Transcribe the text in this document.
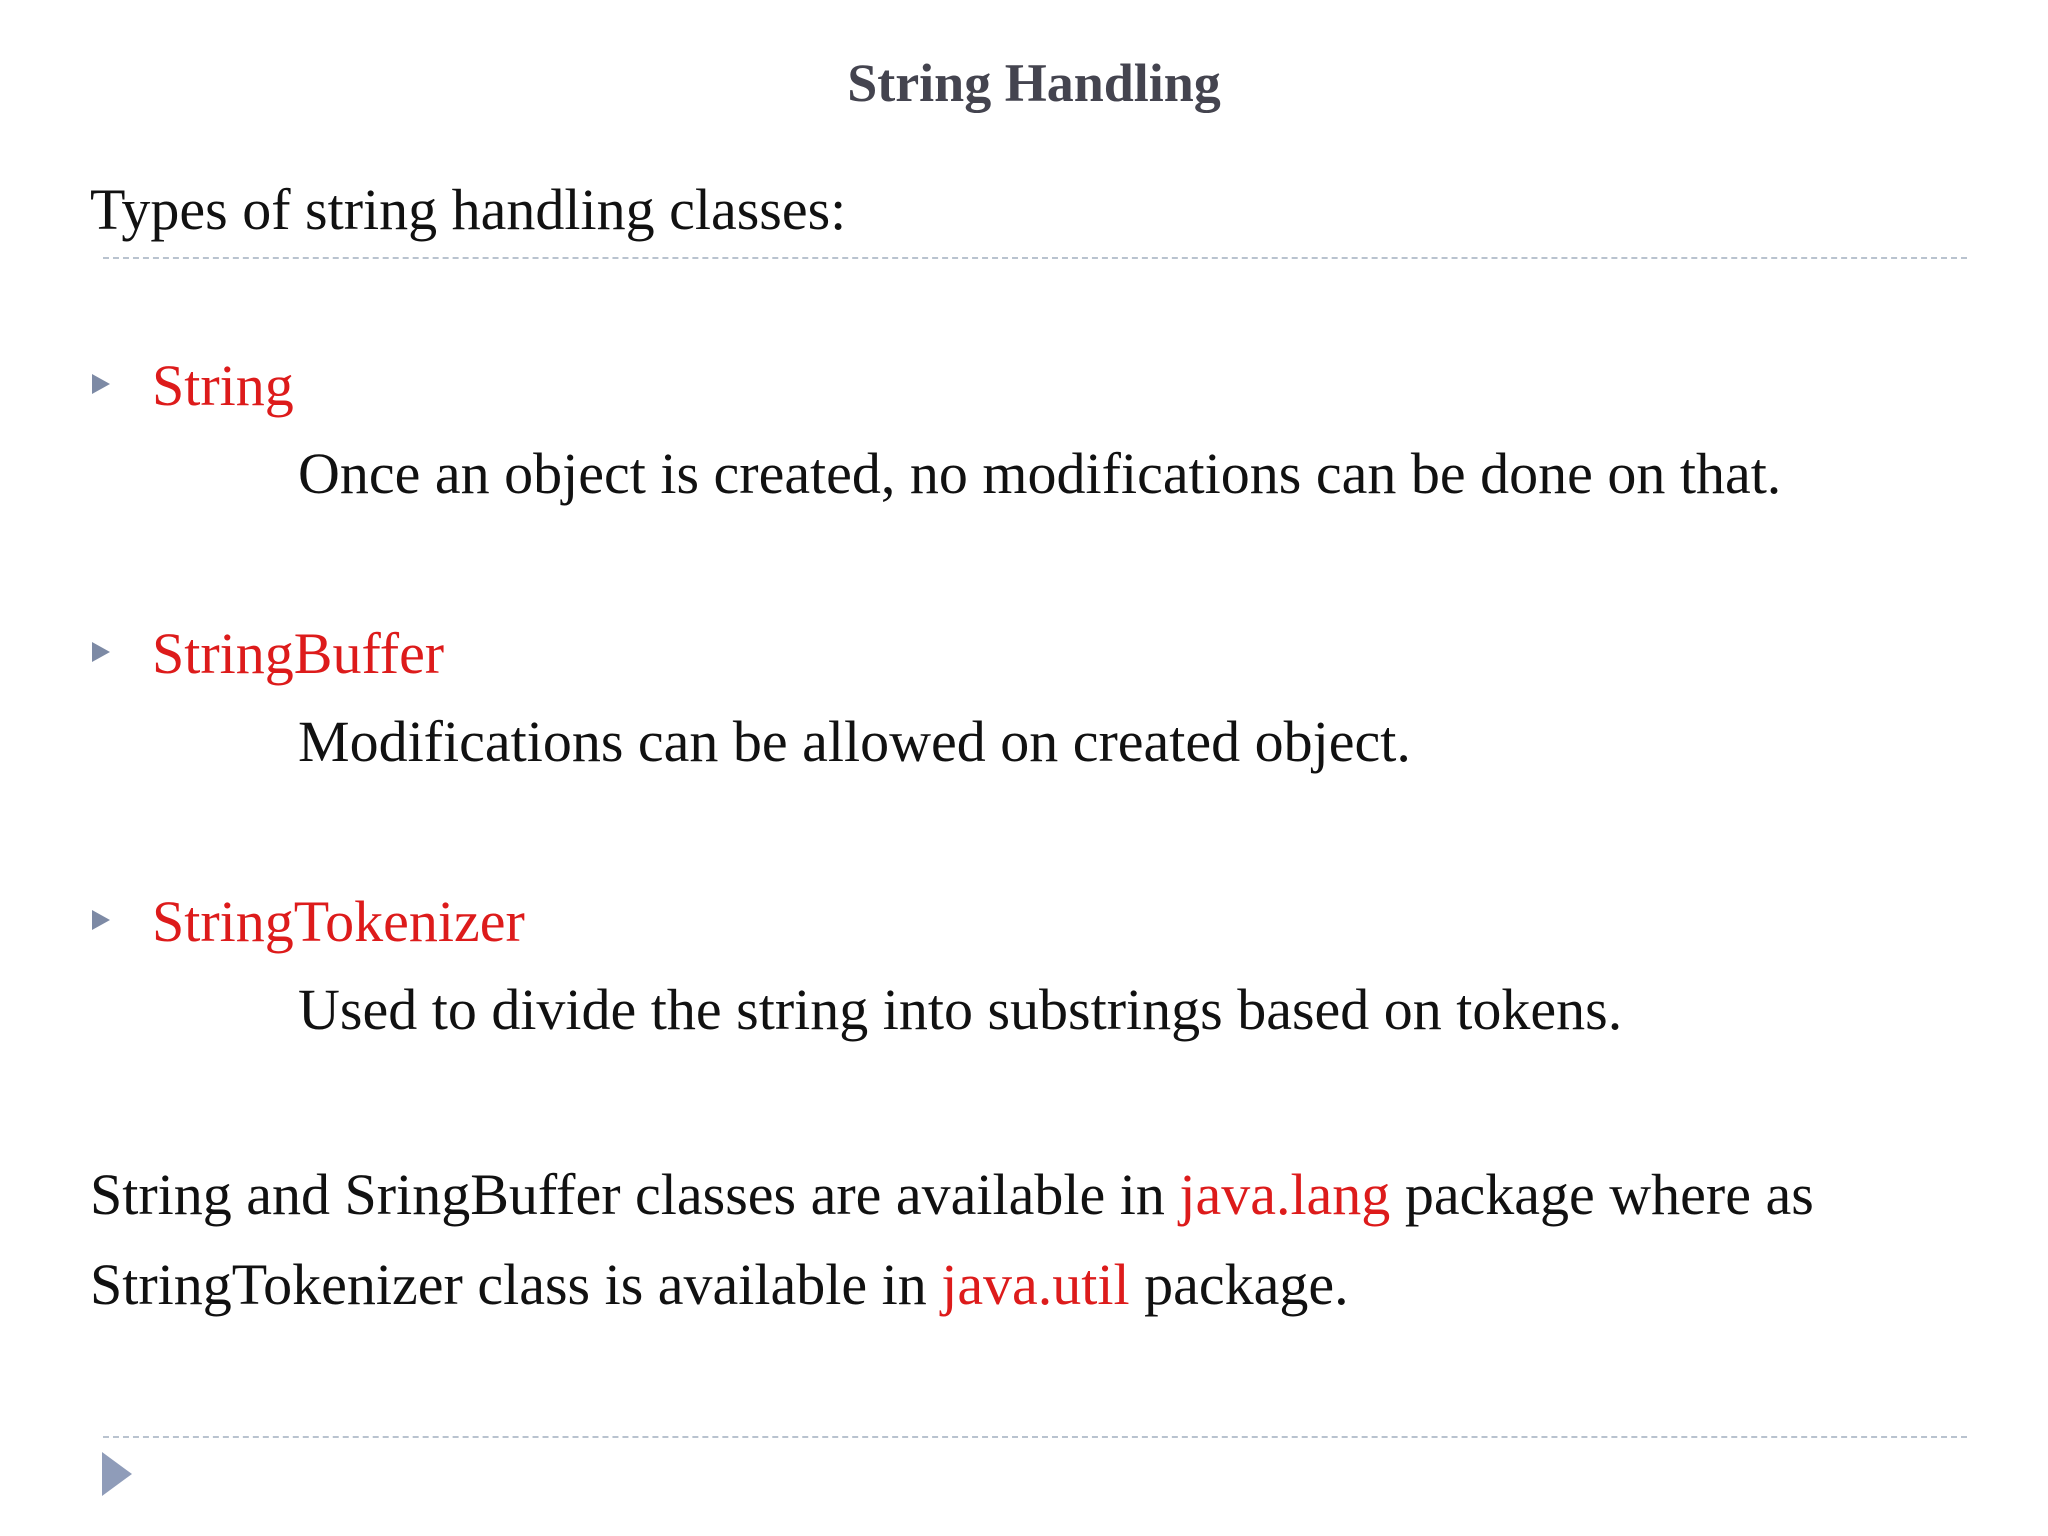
String Handling
Types of string handling classes:
String
Once an object is created, no modifications can be done on that.
StringBuffer
Modifications can be allowed on created object.
StringTokenizer
Used to divide the string into substrings based on tokens.
String and SringBuffer classes are available in java.lang package where as
StringTokenizer class is available in java.util package.
